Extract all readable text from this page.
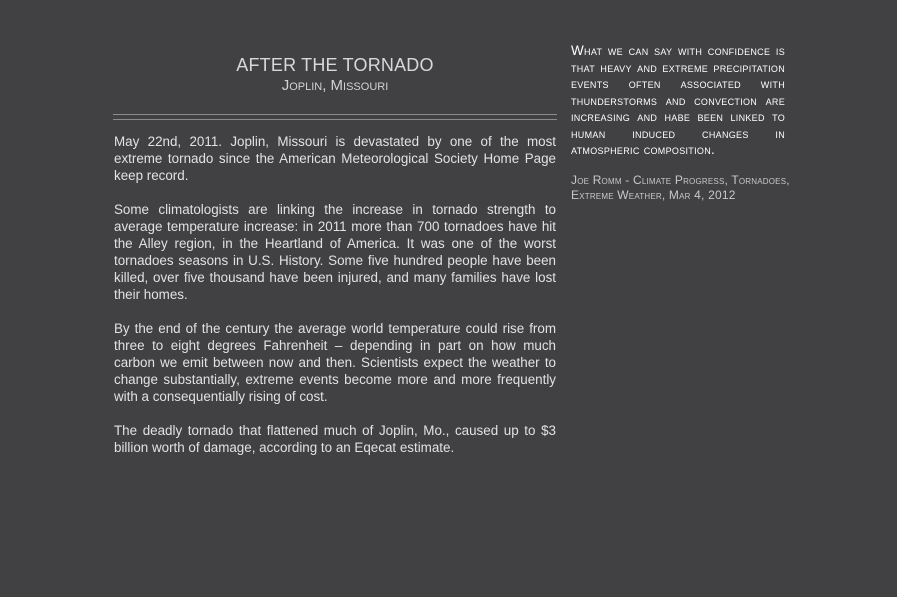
AFTER THE TORNADO
Joplin, Missouri

May 22nd, 2011. Joplin, Missouri is devastated by one of the most extreme tornado since the American Meteorological Society Home Page keep record.

Some climatologists are linking the increase in tornado strength to average temperature increase: in 2011 more than 700 tornadoes have hit the Alley region, in the Heartland of America. It was one of the worst tornadoes seasons in U.S. History. Some five hundred people have been killed, over five thousand have been injured, and many families have lost their homes.

By the end of the century the average world temperature could rise from three to eight degrees Fahrenheit – depending in part on how much carbon we emit between now and then. Scientists expect the weather to change substantially, extreme events become more and more frequently with a consequentially rising of cost.

The deadly tornado that flattened much of Joplin, Mo., caused up to $3 billion worth of damage, according to an Eqecat estimate.

What we can say with confidence is that heavy and extreme precipitation events often associated with thunderstorms and convection are increasing and habe been linked to human induced changes in atmospheric composition.
Joe Romm - Climate Progress, Tornadoes, Extreme Weather, Mar 4, 2012
